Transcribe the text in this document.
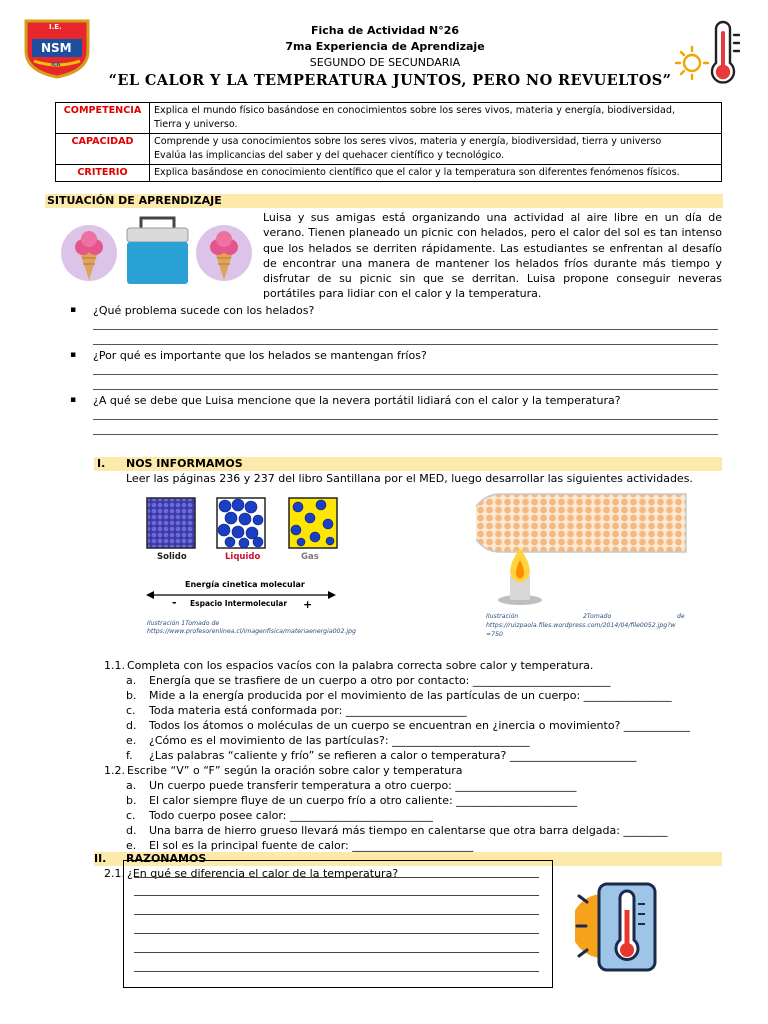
I.E.
NSM
ICA
Ficha de Actividad N°26
7ma Experiencia de Aprendizaje
SEGUNDO DE SECUNDARIA
“EL CALOR Y LA TEMPERATURA JUNTOS, PERO NO REVUELTOS”
COMPETENCIA	Explica el mundo físico basándose en conocimientos sobre los seres vivos, materia y energía, biodiversidad,
Tierra y universo.

CAPACIDAD	Comprende y usa conocimientos sobre los seres vivos, materia y energía, biodiversidad, tierra y universo
Evalúa las implicancias del saber y del quehacer científico y tecnológico.

CRITERIO	Explica basándose en conocimiento científico que el calor y la temperatura son diferentes fenómenos físicos.
SITUACIÓN DE APRENDIZAJE
Luisa y sus amigas está organizando una actividad al aire libre en un día de verano. Tienen planeado un picnic con helados, pero el calor del sol es tan intenso que los helados se derriten rápidamente. Las estudiantes se enfrentan al desafío de encontrar una manera de mantener los helados fríos durante más tiempo y disfrutar de su picnic sin que se derritan. Luisa propone conseguir neveras portátiles para lidiar con el calor y la temperatura.
▪ ¿Qué problema sucede con los helados?
▪ ¿Por qué es importante que los helados se mantengan fríos?
▪ ¿A qué se debe que Luisa mencione que la nevera portátil lidiará con el calor y la temperatura?
I. NOS INFORMAMOS
Leer las páginas 236 y 237 del libro Santillana por el MED, luego desarrollar las siguientes actividades.
Solido	Liquido	Gas
Energía cinetica molecular
- Espacio Intermolecular +
Ilustración 1Tomado de https://www.profesorenlinea.cl/imagenfisica/materiaenergia002.jpg
Ilustración	2Tomado	de
https://ruizpaola.files.wordpress.com/2014/04/file0052.jpg?w
=750
1.1. Completa con los espacios vacíos con la palabra correcta sobre calor y temperatura.
a. Energía que se trasfiere de un cuerpo a otro por contacto: _________________________
b. Mide a la energía producida por el movimiento de las partículas de un cuerpo: ________________
c. Toda materia está conformada por: ______________________
d. Todos los átomos o moléculas de un cuerpo se encuentran en ¿inercia o movimiento? ____________
e. ¿Cómo es el movimiento de las partículas?: _________________________
f. ¿Las palabras “caliente y frío” se refieren a calor o temperatura? _______________________
1.2. Escribe “V” o “F” según la oración sobre calor y temperatura
a. Un cuerpo puede transferir temperatura a otro cuerpo: ______________________
b. El calor siempre fluye de un cuerpo frío a otro caliente: ______________________
c. Todo cuerpo posee calor: __________________________
d. Una barra de hierro grueso llevará más tiempo en calentarse que otra barra delgada: ________
e. El sol es la principal fuente de calor: ______________________
II. RAZONAMOS
2.1. ¿En qué se diferencia el calor de la temperatura?
